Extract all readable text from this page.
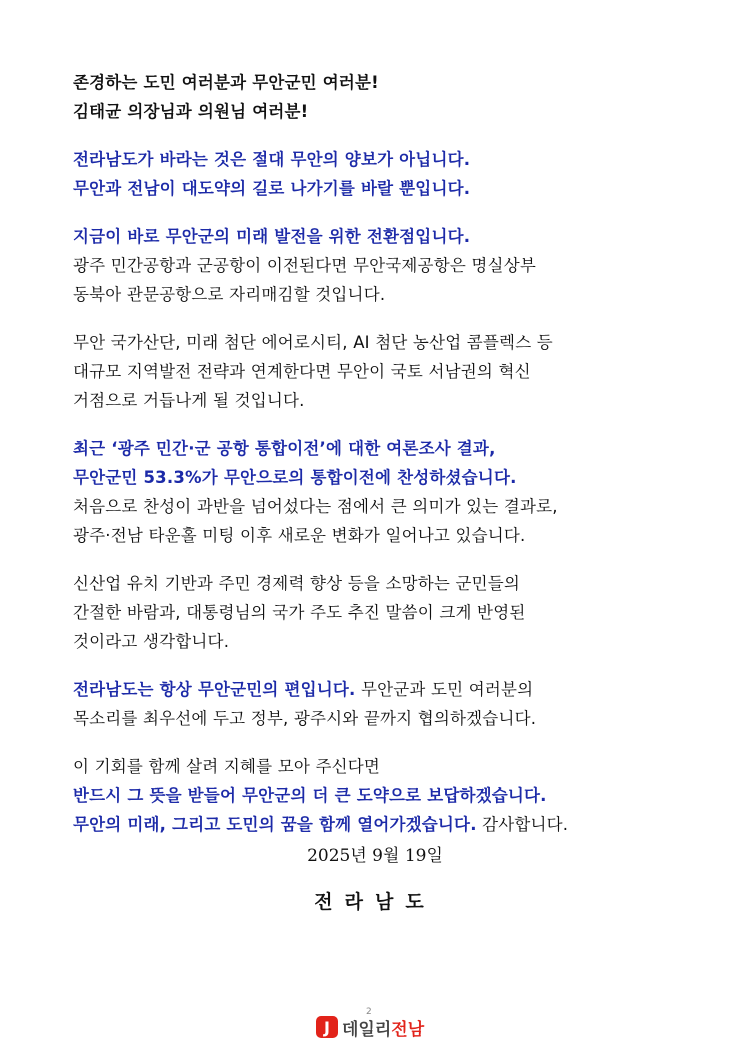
존경하는 도민 여러분과 무안군민 여러분!
김태균 의장님과 의원님 여러분!
전라남도가 바라는 것은 절대 무안의 양보가 아닙니다.
무안과 전남이 대도약의 길로 나가기를 바랄 뿐입니다.
지금이 바로 무안군의 미래 발전을 위한 전환점입니다.
광주 민간공항과 군공항이 이전된다면 무안국제공항은 명실상부
동북아 관문공항으로 자리매김할 것입니다.
무안 국가산단, 미래 첨단 에어로시티, AI 첨단 농산업 콤플렉스 등
대규모 지역발전 전략과 연계한다면 무안이 국토 서남권의 혁신
거점으로 거듭나게 될 것입니다.
최근 ‘광주 민간·군 공항 통합이전’에 대한 여론조사 결과,
무안군민 53.3%가 무안으로의 통합이전에 찬성하셨습니다.
처음으로 찬성이 과반을 넘어섰다는 점에서 큰 의미가 있는 결과로,
광주·전남 타운홀 미팅 이후 새로운 변화가 일어나고 있습니다.
신산업 유치 기반과 주민 경제력 향상 등을 소망하는 군민들의
간절한 바람과, 대통령님의 국가 주도 추진 말씀이 크게 반영된
것이라고 생각합니다.
전라남도는 항상 무안군민의 편입니다. 무안군과 도민 여러분의
목소리를 최우선에 두고 정부, 광주시와 끝까지 협의하겠습니다.
이 기회를 함께 살려 지혜를 모아 주신다면
반드시 그 뜻을 받들어 무안군의 더 큰 도약으로 보답하겠습니다.
무안의 미래, 그리고 도민의 꿈을 함께 열어가겠습니다. 감사합니다.
2025년 9월 19일
전라남도
2
J 데일리 전남
